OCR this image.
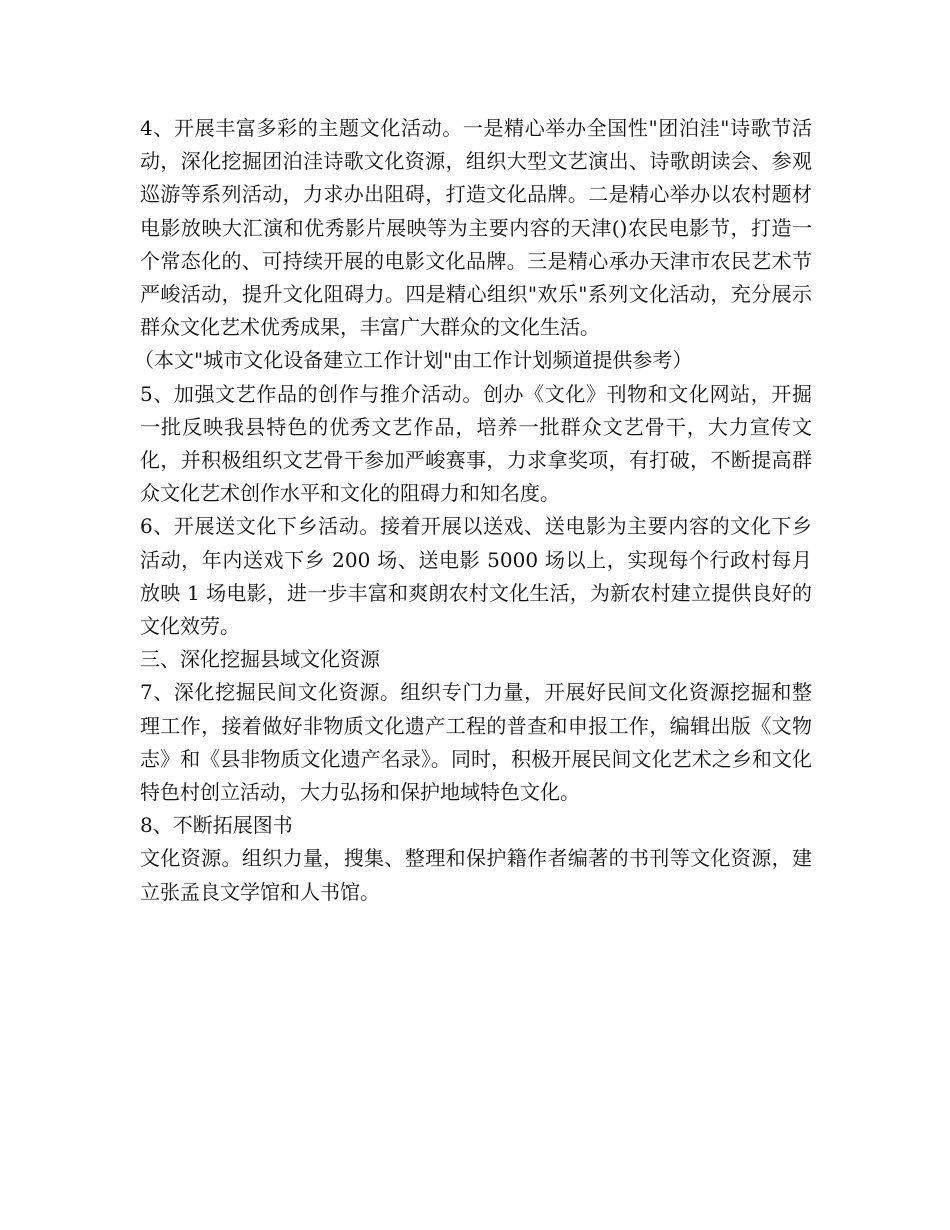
4、开展丰富多彩的主题文化活动。一是精心举办全国性"团泊洼"诗歌节活动，深化挖掘团泊洼诗歌文化资源，组织大型文艺演出、诗歌朗读会、参观巡游等系列活动，力求办出阻碍，打造文化品牌。二是精心举办以农村题材电影放映大汇演和优秀影片展映等为主要内容的天津()农民电影节，打造一个常态化的、可持续开展的电影文化品牌。三是精心承办天津市农民艺术节严峻活动，提升文化阻碍力。四是精心组织"欢乐"系列文化活动，充分展示群众文化艺术优秀成果，丰富广大群众的文化生活。

（本文"城市文化设备建立工作计划"由工作计划频道提供参考）

5、加强文艺作品的创作与推介活动。创办《文化》刊物和文化网站，开掘一批反映我县特色的优秀文艺作品，培养一批群众文艺骨干，大力宣传文化，并积极组织文艺骨干参加严峻赛事，力求拿奖项，有打破，不断提高群众文化艺术创作水平和文化的阻碍力和知名度。

6、开展送文化下乡活动。接着开展以送戏、送电影为主要内容的文化下乡活动，年内送戏下乡 200 场、送电影 5000 场以上，实现每个行政村每月放映 1 场电影，进一步丰富和爽朗农村文化生活，为新农村建立提供良好的文化效劳。

三、深化挖掘县域文化资源

7、深化挖掘民间文化资源。组织专门力量，开展好民间文化资源挖掘和整理工作，接着做好非物质文化遗产工程的普查和申报工作，编辑出版《文物志》和《县非物质文化遗产名录》。同时，积极开展民间文化艺术之乡和文化特色村创立活动，大力弘扬和保护地域特色文化。

8、不断拓展图书

文化资源。组织力量，搜集、整理和保护籍作者编著的书刊等文化资源，建立张孟良文学馆和人书馆。
